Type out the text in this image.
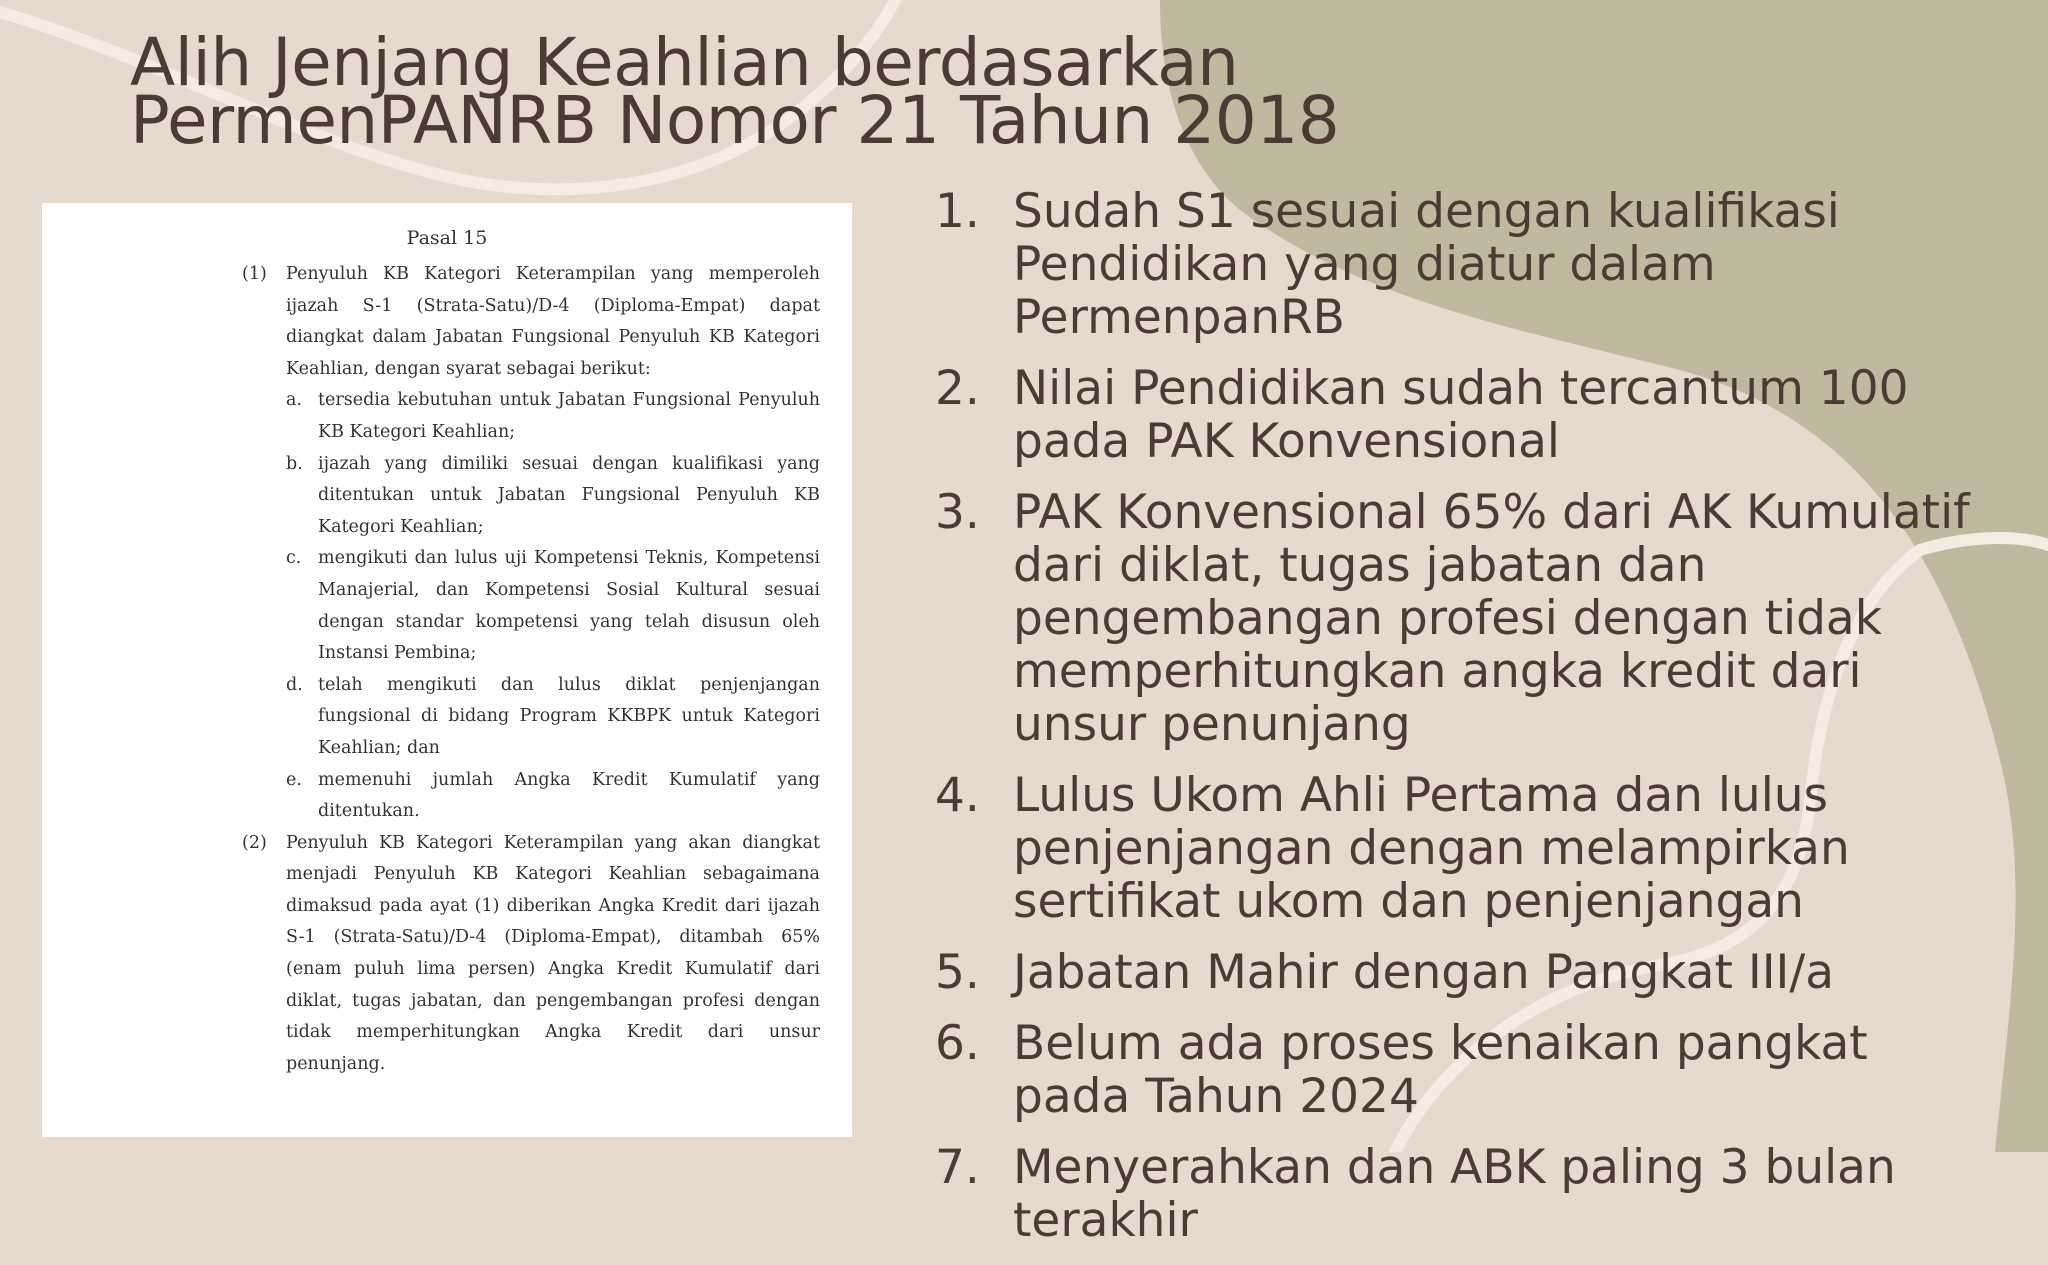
Alih Jenjang Keahlian berdasarkan
PermenPANRB Nomor 21 Tahun 2018
Pasal 15
(1)	Penyuluh KB Kategori Keterampilan yang memperoleh ijazah S-1 (Strata-Satu)/D-4 (Diploma-Empat) dapat diangkat dalam Jabatan Fungsional Penyuluh KB Kategori Keahlian, dengan syarat sebagai berikut:
a. tersedia kebutuhan untuk Jabatan Fungsional Penyuluh KB Kategori Keahlian;
b. ijazah yang dimiliki sesuai dengan kualifikasi yang ditentukan untuk Jabatan Fungsional Penyuluh KB Kategori Keahlian;
c. mengikuti dan lulus uji Kompetensi Teknis, Kompetensi Manajerial, dan Kompetensi Sosial Kultural sesuai dengan standar kompetensi yang telah disusun oleh Instansi Pembina;
d. telah mengikuti dan lulus diklat penjenjangan fungsional di bidang Program KKBPK untuk Kategori Keahlian; dan
e. memenuhi jumlah Angka Kredit Kumulatif yang ditentukan.
(2)	Penyuluh KB Kategori Keterampilan yang akan diangkat menjadi Penyuluh KB Kategori Keahlian sebagaimana dimaksud pada ayat (1) diberikan Angka Kredit dari ijazah S-1 (Strata-Satu)/D-4 (Diploma-Empat), ditambah 65% (enam puluh lima persen) Angka Kredit Kumulatif dari diklat, tugas jabatan, dan pengembangan profesi dengan tidak memperhitungkan Angka Kredit dari unsur penunjang.
1. Sudah S1 sesuai dengan kualifikasi Pendidikan yang diatur dalam PermenpanRB
2. Nilai Pendidikan sudah tercantum 100 pada PAK Konvensional
3. PAK Konvensional 65% dari AK Kumulatif dari diklat, tugas jabatan dan pengembangan profesi dengan tidak memperhitungkan angka kredit dari unsur penunjang
4. Lulus Ukom Ahli Pertama dan lulus penjenjangan dengan melampirkan sertifikat ukom dan penjenjangan
5. Jabatan Mahir dengan Pangkat III/a
6. Belum ada proses kenaikan pangkat pada Tahun 2024
7. Menyerahkan dan ABK paling 3 bulan terakhir
